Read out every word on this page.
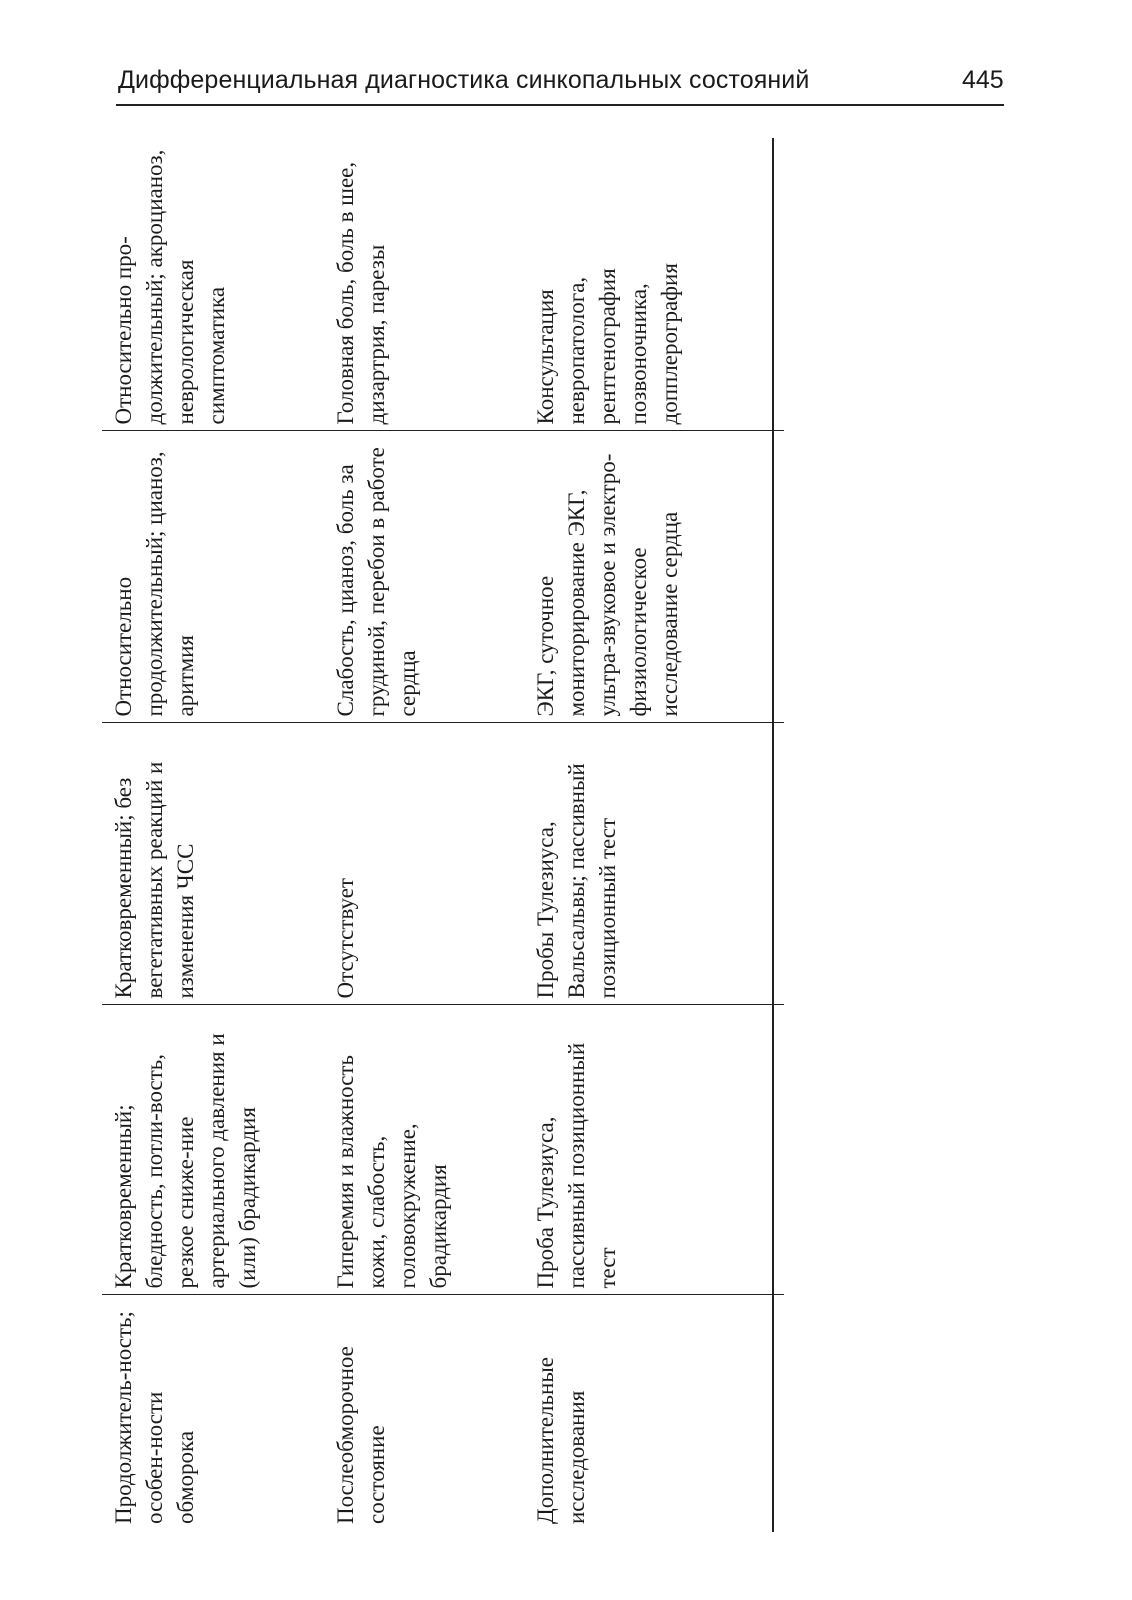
Дифференциальная диагностика синкопальных состояний	445
Продолжитель-ность; особен-ности обморока	Кратковременный; бледность, потли-вость, резкое сниже-ние артериального давления и (или) брадикардия	Кратковременный; без вегетативных реакций и изменения ЧСС	Относительно продолжительный; цианоз, аритмия	Относительно про-должительный; акроцианоз, неврологическая симптоматика
Послеобморочное состояние	Гиперемия и влажность кожи, слабость, головокружение, брадикардия	Отсутствует	Слабость, цианоз, боль за грудиной, перебои в работе сердца	Головная боль, боль в шее, дизартрия, парезы
Дополнительные исследования	Проба Тулезиуса, пассивный позиционный тест	Пробы Тулезиуса, Вальсальвы; пассивный позиционный тест	ЭКГ, суточное мониторирование ЭКГ, ультра-звуковое и электро-физиологическое исследование сердца	Консультация невропатолога, рентгенография позвоночника, допплерография
